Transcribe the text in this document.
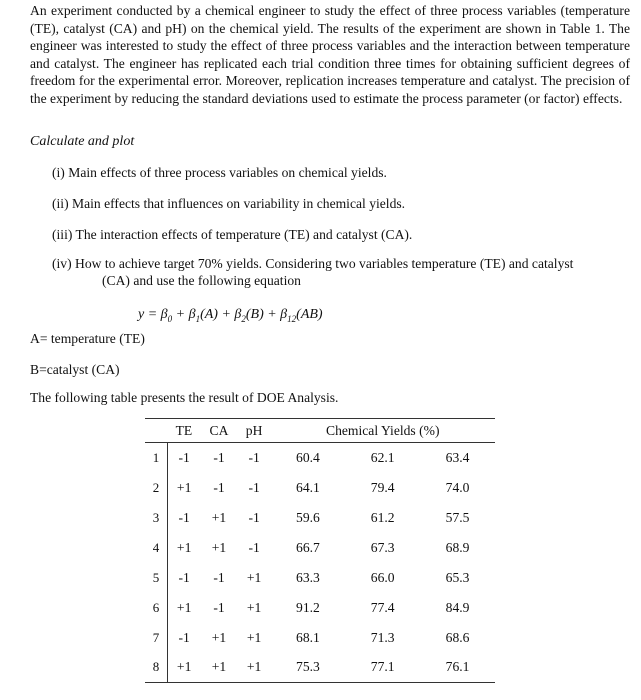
An experiment conducted by a chemical engineer to study the effect of three process variables (temperature (TE), catalyst (CA) and pH) on the chemical yield. The results of the experiment are shown in Table 1. The engineer was interested to study the effect of three process variables and the interaction between temperature and catalyst. The engineer has replicated each trial condition three times for obtaining sufficient degrees of freedom for the experimental error. Moreover, replication increases temperature and catalyst. The precision of the experiment by reducing the standard deviations used to estimate the process parameter (or factor) effects.

Calculate and plot

(i) Main effects of three process variables on chemical yields.

(ii) Main effects that influences on variability in chemical yields.

(iii) The interaction effects of temperature (TE) and catalyst (CA).

(iv) How to achieve target 70% yields. Considering two variables temperature (TE) and catalyst
(CA) and use the following equation

$y = \beta_0 + \beta_1(A) + \beta_2(B) + \beta_{12}(AB)$

A= temperature (TE)

B=catalyst (CA)

The following table presents the result of DOE Analysis.

	TE	CA	pH	Chemical Yields (%)		
1	-1	-1	-1	60.4	62.1	63.4
2	+1	-1	-1	64.1	79.4	74.0
3	-1	+1	-1	59.6	61.2	57.5
4	+1	+1	-1	66.7	67.3	68.9
5	-1	-1	+1	63.3	66.0	65.3
6	+1	-1	+1	91.2	77.4	84.9
7	-1	+1	+1	68.1	71.3	68.6
8	+1	+1	+1	75.3	77.1	76.1
